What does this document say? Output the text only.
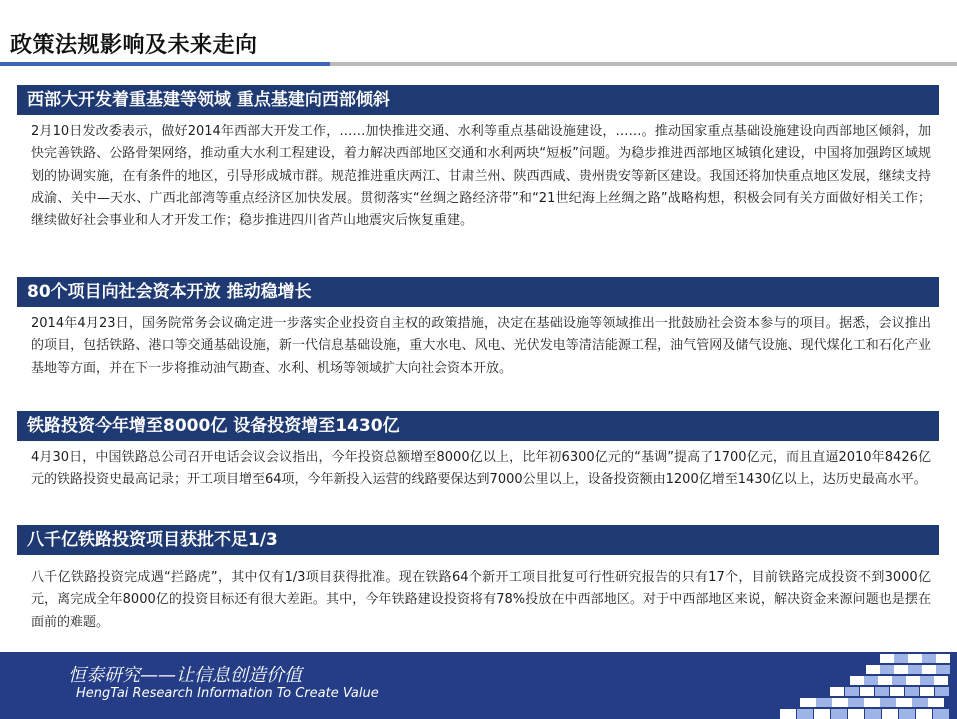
政策法规影响及未来走向
西部大开发着重基建等领域 重点基建向西部倾斜
2月10日发改委表示，做好2014年西部大开发工作，……加快推进交通、水利等重点基础设施建设，……。推动国家重点基础设施建设向西部地区倾斜，加快完善铁路、公路骨架网络，推动重大水利工程建设，着力解决西部地区交通和水利两块“短板”问题。为稳步推进西部地区城镇化建设，中国将加强跨区域规划的协调实施，在有条件的地区，引导形成城市群。规范推进重庆两江、甘肃兰州、陕西西咸、贵州贵安等新区建设。我国还将加快重点地区发展，继续支持成渝、关中—天水、广西北部湾等重点经济区加快发展。贯彻落实“丝绸之路经济带”和“21世纪海上丝绸之路”战略构想，积极会同有关方面做好相关工作；继续做好社会事业和人才开发工作；稳步推进四川省芦山地震灾后恢复重建。
80个项目向社会资本开放 推动稳增长
2014年4月23日，国务院常务会议确定进一步落实企业投资自主权的政策措施，决定在基础设施等领域推出一批鼓励社会资本参与的项目。据悉，会议推出的项目，包括铁路、港口等交通基础设施，新一代信息基础设施，重大水电、风电、光伏发电等清洁能源工程，油气管网及储气设施、现代煤化工和石化产业基地等方面，并在下一步将推动油气勘查、水利、机场等领域扩大向社会资本开放。
铁路投资今年增至8000亿 设备投资增至1430亿
4月30日，中国铁路总公司召开电话会议会议指出，今年投资总额增至8000亿以上，比年初6300亿元的“基调”提高了1700亿元，而且直逼2010年8426亿元的铁路投资史最高记录；开工项目增至64项，今年新投入运营的线路要保达到7000公里以上，设备投资额由1200亿增至1430亿以上，达历史最高水平。
八千亿铁路投资项目获批不足1/3
八千亿铁路投资完成遇“拦路虎”，其中仅有1/3项目获得批准。现在铁路64个新开工项目批复可行性研究报告的只有17个，目前铁路完成投资不到3000亿元，离完成全年8000亿的投资目标还有很大差距。其中，今年铁路建设投资将有78%投放在中西部地区。对于中西部地区来说，解决资金来源问题也是摆在面前的难题。
恒泰研究——让信息创造价值
HengTai Research Information To Create Value
